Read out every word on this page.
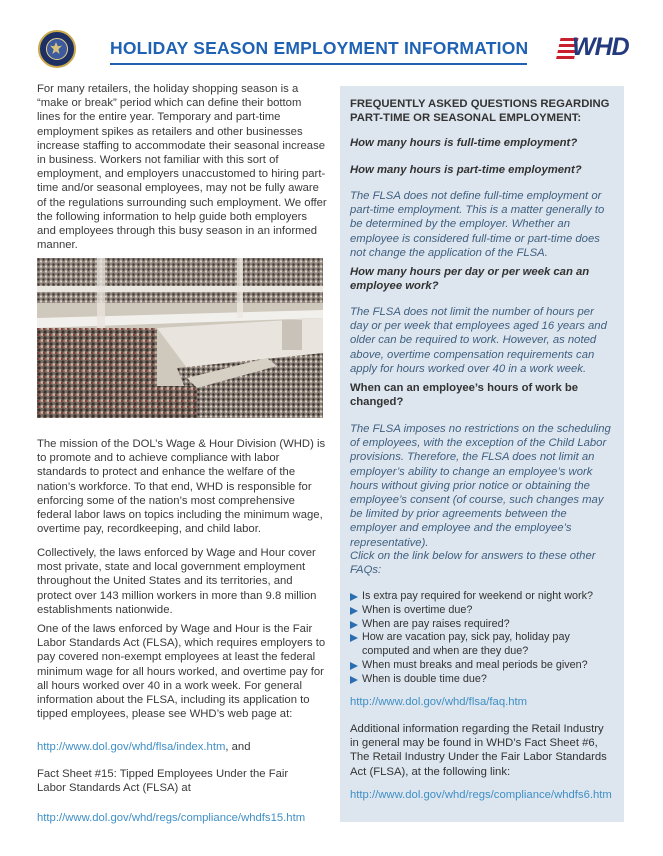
HOLIDAY SEASON EMPLOYMENT INFORMATION WHD
For many retailers, the holiday shopping season is a “make or break” period which can define their bottom lines for the entire year. Temporary and part-time employment spikes as retailers and other businesses increase staffing to accommodate their seasonal increase in business. Workers not familiar with this sort of employment, and employers unaccustomed to hiring part-time and/or seasonal employees, may not be fully aware of the regulations surrounding such employment. We offer the following information to help guide both employers and employees through this busy season in an informed manner.
The mission of the DOL’s Wage & Hour Division (WHD) is to promote and to achieve compliance with labor standards to protect and enhance the welfare of the nation’s workforce. To that end, WHD is responsible for enforcing some of the nation’s most comprehensive federal labor laws on topics including the minimum wage, overtime pay, recordkeeping, and child labor.
Collectively, the laws enforced by Wage and Hour cover most private, state and local government employment throughout the United States and its territories, and protect over 143 million workers in more than 9.8 million establishments nationwide.
One of the laws enforced by Wage and Hour is the Fair Labor Standards Act (FLSA), which requires employers to pay covered non-exempt employees at least the federal minimum wage for all hours worked, and overtime pay for all hours worked over 40 in a work week. For general information about the FLSA, including its application to tipped employees, please see WHD’s web page at:
http://www.dol.gov/whd/flsa/index.htm, and
Fact Sheet #15: Tipped Employees Under the Fair Labor Standards Act (FLSA) at
http://www.dol.gov/whd/regs/compliance/whdfs15.htm
FREQUENTLY ASKED QUESTIONS REGARDING PART-TIME OR SEASONAL EMPLOYMENT:
How many hours is full-time employment?
How many hours is part-time employment?
The FLSA does not define full-time employment or part-time employment. This is a matter generally to be determined by the employer. Whether an employee is considered full-time or part-time does not change the application of the FLSA.
How many hours per day or per week can an employee work?
The FLSA does not limit the number of hours per day or per week that employees aged 16 years and older can be required to work. However, as noted above, overtime compensation requirements can apply for hours worked over 40 in a work week.
When can an employee’s hours of work be changed?
The FLSA imposes no restrictions on the scheduling of employees, with the exception of the Child Labor provisions. Therefore, the FLSA does not limit an employer’s ability to change an employee’s work hours without giving prior notice or obtaining the employee’s consent (of course, such changes may be limited by prior agreements between the employer and employee and the employee’s representative).
Click on the link below for answers to these other FAQs:
Is extra pay required for weekend or night work?
When is overtime due?
When are pay raises required?
How are vacation pay, sick pay, holiday pay computed and when are they due?
When must breaks and meal periods be given?
When is double time due?
http://www.dol.gov/whd/flsa/faq.htm
Additional information regarding the Retail Industry in general may be found in WHD’s Fact Sheet #6, The Retail Industry Under the Fair Labor Standards Act (FLSA), at the following link:
http://www.dol.gov/whd/regs/compliance/whdfs6.htm
